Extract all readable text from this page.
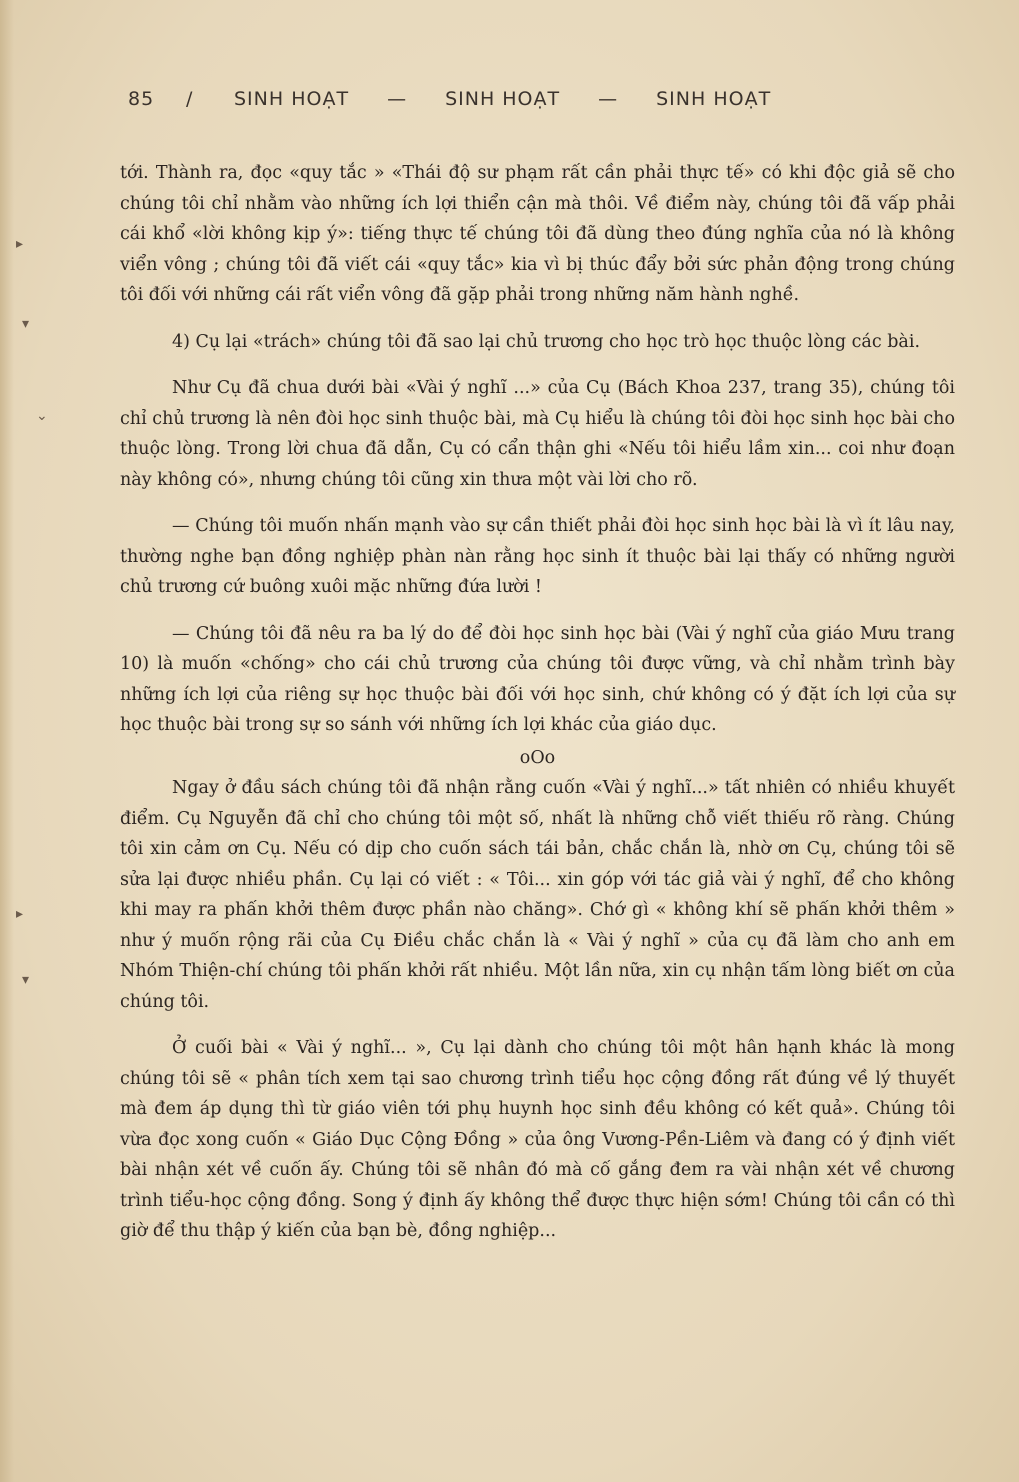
▸
▾
⌄
▸
▾
85	/	SINH HOẠT — SINH HOẠT — SINH HOẠT

tới. Thành ra, đọc «quy tắc » «Thái độ sư phạm rất cần phải thực tế» có khi độc giả sẽ cho chúng tôi chỉ nhằm vào những ích lợi thiển cận mà thôi. Về điểm này, chúng tôi đã vấp phải cái khổ «lời không kịp ý»: tiếng thực tế chúng tôi đã dùng theo đúng nghĩa của nó là không viển vông ; chúng tôi đã viết cái «quy tắc» kia vì bị thúc đẩy bởi sức phản động trong chúng tôi đối với những cái rất viển vông đã gặp phải trong những năm hành nghề.

4) Cụ lại «trách» chúng tôi đã sao lại chủ trương cho học trò học thuộc lòng các bài.

Như Cụ đã chua dưới bài «Vài ý nghĩ ...» của Cụ (Bách Khoa 237, trang 35), chúng tôi chỉ chủ trương là nên đòi học sinh thuộc bài, mà Cụ hiểu là chúng tôi đòi học sinh học bài cho thuộc lòng. Trong lời chua đã dẫn, Cụ có cẩn thận ghi «Nếu tôi hiểu lầm xin... coi như đoạn này không có», nhưng chúng tôi cũng xin thưa một vài lời cho rõ.

— Chúng tôi muốn nhấn mạnh vào sự cần thiết phải đòi học sinh học bài là vì ít lâu nay, thường nghe bạn đồng nghiệp phàn nàn rằng học sinh ít thuộc bài lại thấy có những người chủ trương cứ buông xuôi mặc những đứa lười !

— Chúng tôi đã nêu ra ba lý do để đòi học sinh học bài (Vài ý nghĩ của giáo Mưu trang 10) là muốn «chống» cho cái chủ trương của chúng tôi được vững, và chỉ nhằm trình bày những ích lợi của riêng sự học thuộc bài đối với học sinh, chứ không có ý đặt ích lợi của sự học thuộc bài trong sự so sánh với những ích lợi khác của giáo dục.

oOo

Ngay ở đầu sách chúng tôi đã nhận rằng cuốn «Vài ý nghĩ...» tất nhiên có nhiều khuyết điểm. Cụ Nguyễn đã chỉ cho chúng tôi một số, nhất là những chỗ viết thiếu rõ ràng. Chúng tôi xin cảm ơn Cụ. Nếu có dịp cho cuốn sách tái bản, chắc chắn là, nhờ ơn Cụ, chúng tôi sẽ sửa lại được nhiều phần. Cụ lại có viết : « Tôi... xin góp với tác giả vài ý nghĩ, để cho không khi may ra phấn khởi thêm được phần nào chăng». Chớ gì « không khí sẽ phấn khởi thêm » như ý muốn rộng rãi của Cụ Điều chắc chắn là « Vài ý nghĩ » của cụ đã làm cho anh em Nhóm Thiện-chí chúng tôi phấn khởi rất nhiều. Một lần nữa, xin cụ nhận tấm lòng biết ơn của chúng tôi.

Ở cuối bài « Vài ý nghĩ... », Cụ lại dành cho chúng tôi một hân hạnh khác là mong chúng tôi sẽ « phân tích xem tại sao chương trình tiểu học cộng đồng rất đúng về lý thuyết mà đem áp dụng thì từ giáo viên tới phụ huynh học sinh đều không có kết quả». Chúng tôi vừa đọc xong cuốn « Giáo Dục Cộng Đồng » của ông Vương-Pền-Liêm và đang có ý định viết bài nhận xét về cuốn ấy. Chúng tôi sẽ nhân đó mà cố gắng đem ra vài nhận xét về chương trình tiểu-học cộng đồng. Song ý định ấy không thể được thực hiện sớm! Chúng tôi cần có thì giờ để thu thập ý kiến của bạn bè, đồng nghiệp...
